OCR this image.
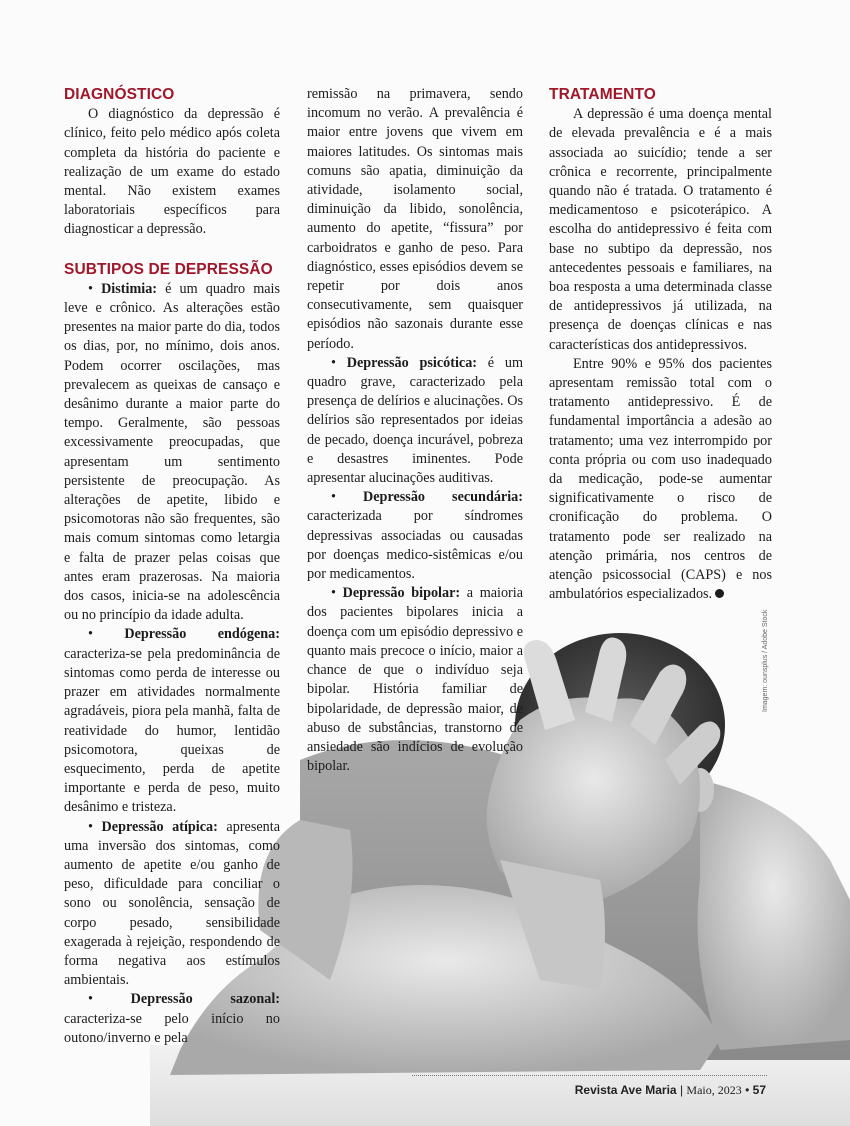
DIAGNÓSTICO

O diagnóstico da depressão é clínico, feito pelo médico após coleta completa da história do paciente e realização de um exame do estado mental. Não existem exames laboratoriais específicos para diagnosticar a depressão.

SUBTIPOS DE DEPRESSÃO

• Distimia: é um quadro mais leve e crônico. As alterações estão presentes na maior parte do dia, todos os dias, por, no mínimo, dois anos. Podem ocorrer oscilações, mas prevalecem as queixas de cansaço e desânimo durante a maior parte do tempo. Geralmente, são pessoas excessivamente preocupadas, que apresentam um sentimento persistente de preocupação. As alterações de apetite, libido e psicomotoras não são frequentes, são mais comum sintomas como letargia e falta de prazer pelas coisas que antes eram prazerosas. Na maioria dos casos, inicia-se na adolescência ou no princípio da idade adulta.

• Depressão endógena: caracteriza-se pela predominância de sintomas como perda de interesse ou prazer em atividades normalmente agradáveis, piora pela manhã, falta de reatividade do humor, lentidão psicomotora, queixas de esquecimento, perda de apetite importante e perda de peso, muito desânimo e tristeza.

• Depressão atípica: apresenta uma inversão dos sintomas, como aumento de apetite e/ou ganho de peso, dificuldade para conciliar o sono ou sonolência, sensação de corpo pesado, sensibilidade exagerada à rejeição, respondendo de forma negativa aos estímulos ambientais.

•	Depressão sazonal: caracteriza-se pelo início no outono/inverno e pela

remissão na primavera, sendo incomum no verão. A prevalência é maior entre jovens que vivem em maiores latitudes. Os sintomas mais comuns são apatia, diminuição da atividade, isolamento social, diminuição da libido, sonolência, aumento do apetite, “fissura” por carboidratos e ganho de peso. Para diagnóstico, esses episódios devem se repetir por dois anos consecutivamente, sem quaisquer episódios não sazonais durante esse período.

• Depressão psicótica: é um quadro grave, caracterizado pela presença de delírios e alucinações. Os delírios são representados por ideias de pecado, doença incurável, pobreza e desastres iminentes. Pode apresentar alucinações auditivas.

• Depressão secundária: caracterizada por síndromes depressivas associadas ou causadas por doenças medico-sistêmicas e/ou por medicamentos.

• Depressão bipolar: a maioria dos pacientes bipolares inicia a doença com um episódio depressivo e quanto mais precoce o início, maior a chance de que o indivíduo seja bipolar. História familiar de bipolaridade, de depressão maior, de abuso de substâncias, transtorno de ansiedade são indícios de evolução bipolar.

TRATAMENTO

A depressão é uma doença mental de elevada prevalência e é a mais associada ao suicídio; tende a ser crônica e recorrente, principalmente quando não é tratada. O tratamento é medicamentoso e psicoterápico. A escolha do antidepressivo é feita com base no subtipo da depressão, nos antecedentes pessoais e familiares, na boa resposta a uma determinada classe de antidepressivos já utilizada, na presença de doenças clínicas e nas características dos antidepressivos.

Entre 90% e 95% dos pacientes apresentam remissão total com o tratamento antidepressivo. É de fundamental importância a adesão ao tratamento; uma vez interrompido por conta própria ou com uso inadequado da medicação, pode-se aumentar significativamente o risco de cronificação do problema. O tratamento pode ser realizado na atenção primária, nos centros de atenção psicossocial (CAPS) e nos ambulatórios especializados.

Imagem: ounsplus / Adobe Stock
Revista Ave Maria | Maio, 2023 • 57
